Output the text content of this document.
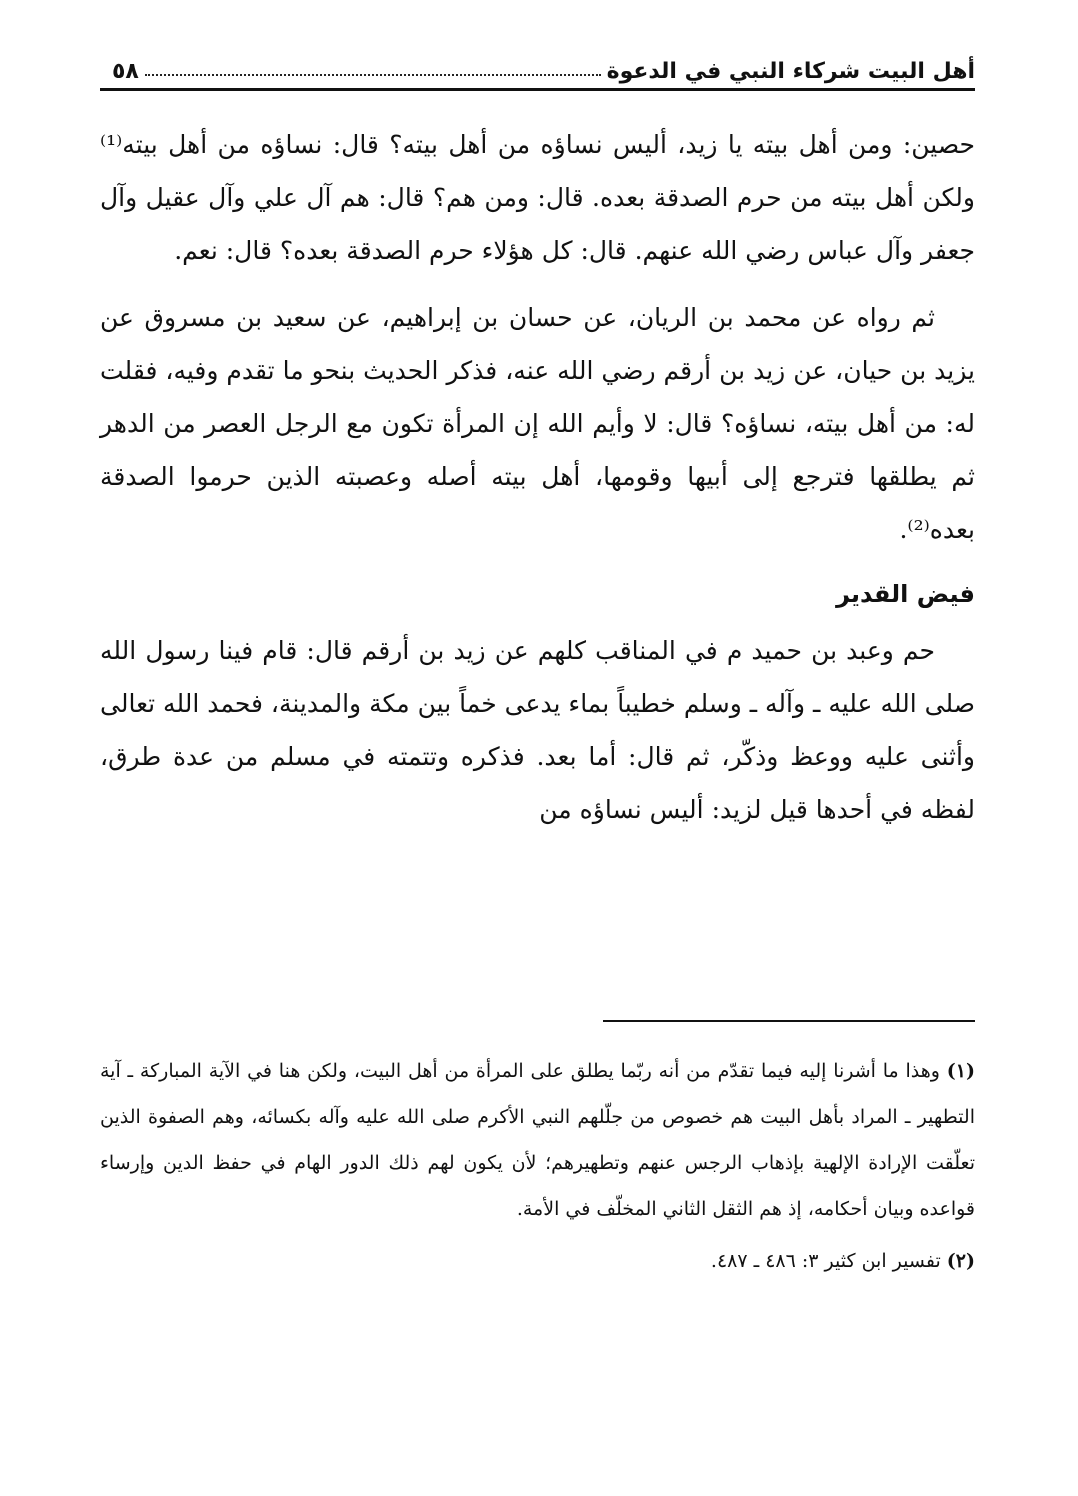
أهل البيت شركاء النبي في الدعوة
٥٨

حصين: ومن أهل بيته يا زيد، أليس نساؤه من أهل بيته؟ قال: نساؤه من أهل بيته⁽¹⁾ ولكن أهل بيته من حرم الصدقة بعده. قال: ومن هم؟ قال: هم آل علي وآل عقيل وآل جعفر وآل عباس رضي الله عنهم. قال: كل هؤلاء حرم الصدقة بعده؟ قال: نعم.

ثم رواه عن محمد بن الريان، عن حسان بن إبراهيم، عن سعيد بن مسروق عن يزيد بن حيان، عن زيد بن أرقم رضي الله عنه، فذكر الحديث بنحو ما تقدم وفيه، فقلت له: من أهل بيته، نساؤه؟ قال: لا وأيم الله إن المرأة تكون مع الرجل العصر من الدهر ثم يطلقها فترجع إلى أبيها وقومها، أهل بيته أصله وعصبته الذين حرموا الصدقة بعده⁽²⁾.

فيض القدير

حم وعبد بن حميد م في المناقب كلهم عن زيد بن أرقم قال: قام فينا رسول الله صلى الله عليه ـ وآله ـ وسلم خطيباً بماء يدعى خماً بين مكة والمدينة، فحمد الله تعالى وأثنى عليه ووعظ وذكّر، ثم قال: أما بعد. فذكره وتتمته في مسلم من عدة طرق، لفظه في أحدها قيل لزيد: أليس نساؤه من

(١) وهذا ما أشرنا إليه فيما تقدّم من أنه ربّما يطلق على المرأة من أهل البيت، ولكن هنا في الآية المباركة ـ آية التطهير ـ المراد بأهل البيت هم خصوص من جلّلهم النبي الأكرم صلى الله عليه وآله بكسائه، وهم الصفوة الذين تعلّقت الإرادة الإلهية بإذهاب الرجس عنهم وتطهيرهم؛ لأن يكون لهم ذلك الدور الهام في حفظ الدين وإرساء قواعده وبيان أحكامه، إذ هم الثقل الثاني المخلّف في الأمة.

(٢) تفسير ابن كثير ٣: ٤٨٦ ـ ٤٨٧.
